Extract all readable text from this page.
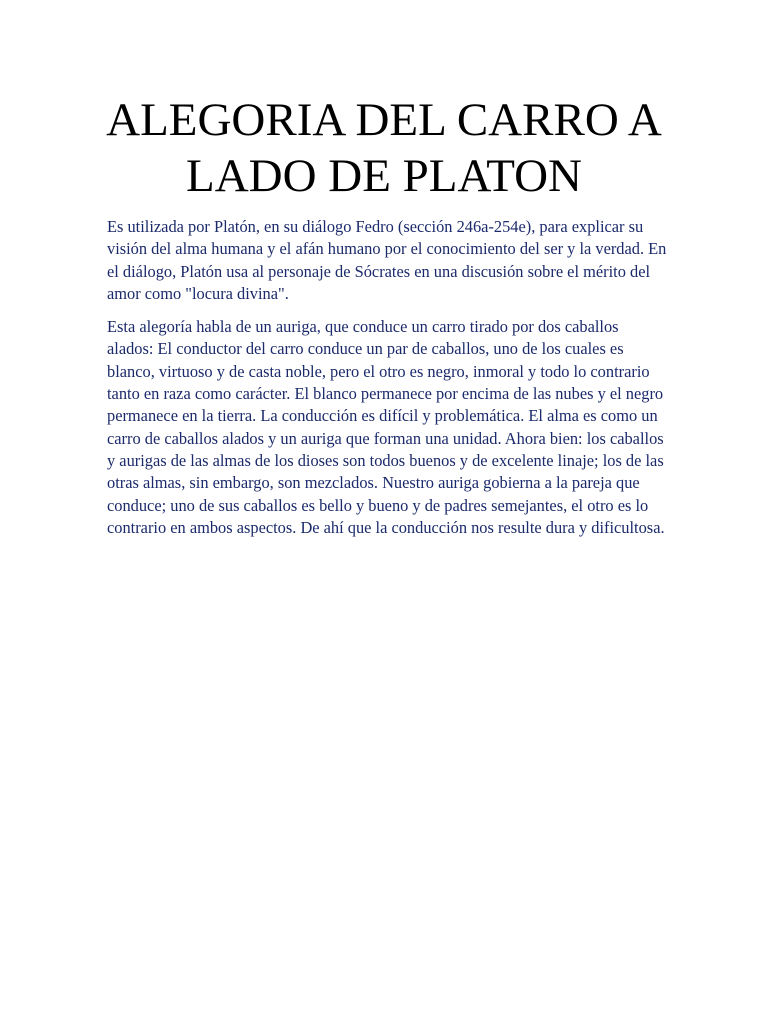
ALEGORIA DEL CARRO A LADO DE PLATON

Es utilizada por Platón, en su diálogo Fedro (sección 246a-254e), para explicar su visión del alma humana y el afán humano por el conocimiento del ser y la verdad. En el diálogo, Platón usa al personaje de Sócrates en una discusión sobre el mérito del amor como "locura divina".

Esta alegoría habla de un auriga, que conduce un carro tirado por dos caballos alados: El conductor del carro conduce un par de caballos, uno de los cuales es blanco, virtuoso y de casta noble, pero el otro es negro, inmoral y todo lo contrario tanto en raza como carácter. El blanco permanece por encima de las nubes y el negro permanece en la tierra. La conducción es difícil y problemática. El alma es como un carro de caballos alados y un auriga que forman una unidad. Ahora bien: los caballos y aurigas de las almas de los dioses son todos buenos y de excelente linaje; los de las otras almas, sin embargo, son mezclados. Nuestro auriga gobierna a la pareja que conduce; uno de sus caballos es bello y bueno y de padres semejantes, el otro es lo contrario en ambos aspectos. De ahí que la conducción nos resulte dura y dificultosa.
